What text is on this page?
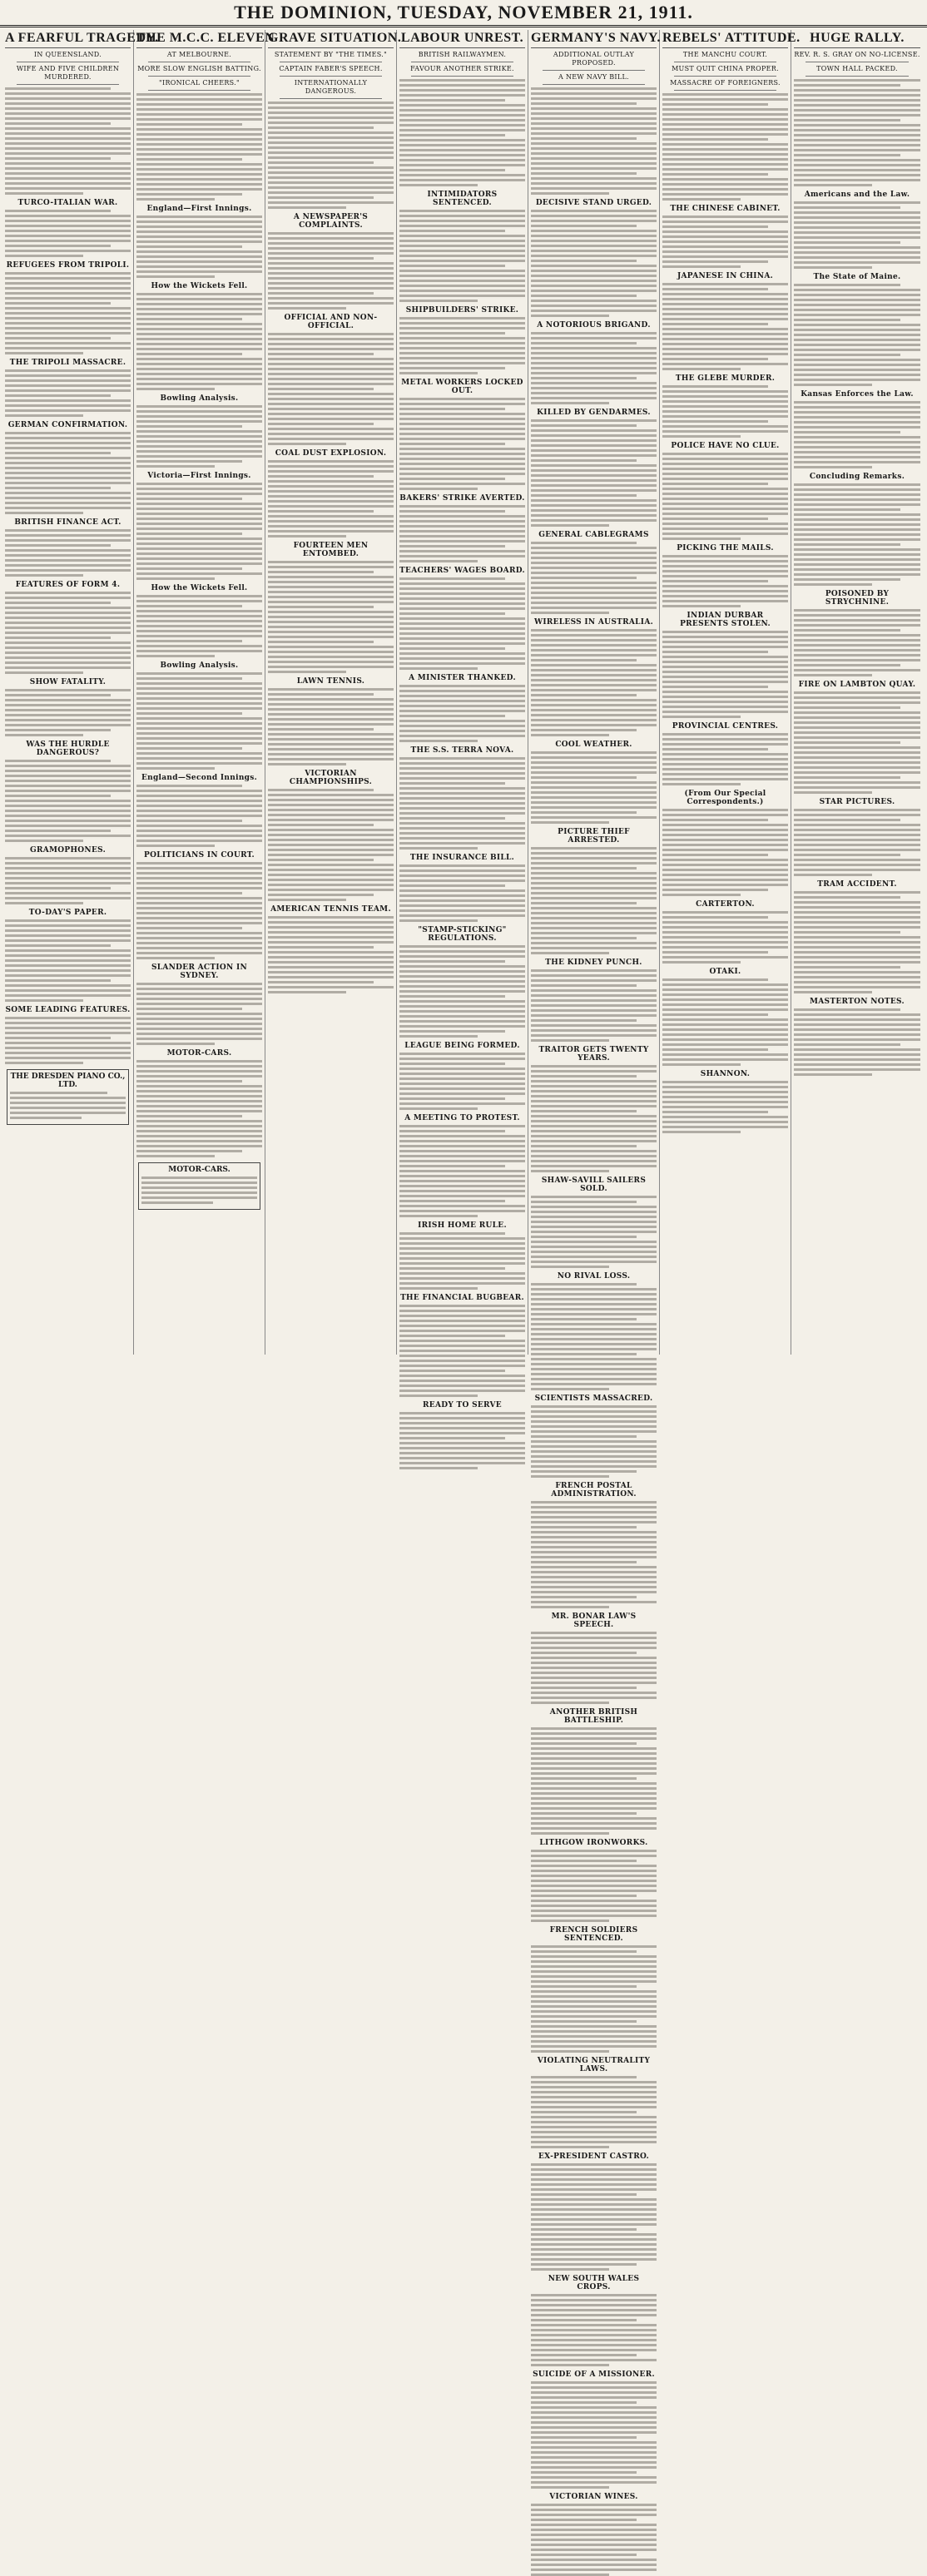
THE DOMINION, TUESDAY, NOVEMBER 21, 1911.
A FEARFUL TRAGEDY.
IN QUEENSLAND.
WIFE AND FIVE CHILDREN MURDERED.
TURCO-ITALIAN WAR.
REFUGEES FROM TRIPOLI.
THE TRIPOLI MASSACRE.
GERMAN CONFIRMATION.
BRITISH FINANCE ACT.
FEATURES OF FORM 4.
SHOW FATALITY.
WAS THE HURDLE DANGEROUS?
GRAMOPHONES.
TO-DAY'S PAPER.
SOME LEADING FEATURES.
THE DRESDEN PIANO CO., LTD.
THE M.C.C. ELEVEN
AT MELBOURNE.
MORE SLOW ENGLISH BATTING.
"IRONICAL CHEERS."
England—First Innings.
How the Wickets Fell.
Bowling Analysis.
Victoria—First Innings.
How the Wickets Fell.
Bowling Analysis.
England—Second Innings.
POLITICIANS IN COURT.
SLANDER ACTION IN SYDNEY.
MOTOR-CARS.
MOTOR-CARS.
GRAVE SITUATION.
STATEMENT BY "THE TIMES."
CAPTAIN FABER'S SPEECH.
INTERNATIONALLY DANGEROUS.
A NEWSPAPER'S COMPLAINTS.
OFFICIAL AND NON-OFFICIAL.
COAL DUST EXPLOSION.
FOURTEEN MEN ENTOMBED.
LAWN TENNIS.
VICTORIAN CHAMPIONSHIPS.
AMERICAN TENNIS TEAM.
LABOUR UNREST.
BRITISH RAILWAYMEN.
FAVOUR ANOTHER STRIKE.
INTIMIDATORS SENTENCED.
SHIPBUILDERS' STRIKE.
METAL WORKERS LOCKED OUT.
BAKERS' STRIKE AVERTED.
TEACHERS' WAGES BOARD.
A MINISTER THANKED.
THE S.S. TERRA NOVA.
THE INSURANCE BILL.
"STAMP-STICKING" REGULATIONS.
LEAGUE BEING FORMED.
A MEETING TO PROTEST.
IRISH HOME RULE.
THE FINANCIAL BUGBEAR.
READY TO SERVE
GERMANY'S NAVY.
ADDITIONAL OUTLAY PROPOSED.
A NEW NAVY BILL.
DECISIVE STAND URGED.
A NOTORIOUS BRIGAND.
KILLED BY GENDARMES.
GENERAL CABLEGRAMS
WIRELESS IN AUSTRALIA.
COOL WEATHER.
PICTURE THIEF ARRESTED.
THE KIDNEY PUNCH.
TRAITOR GETS TWENTY YEARS.
SHAW-SAVILL SAILERS SOLD.
NO RIVAL LOSS.
SCIENTISTS MASSACRED.
FRENCH POSTAL ADMINISTRATION.
MR. BONAR LAW'S SPEECH.
ANOTHER BRITISH BATTLESHIP.
LITHGOW IRONWORKS.
FRENCH SOLDIERS SENTENCED.
VIOLATING NEUTRALITY LAWS.
EX-PRESIDENT CASTRO.
NEW SOUTH WALES CROPS.
SUICIDE OF A MISSIONER.
VICTORIAN WINES.
REBELS' ATTITUDE.
THE MANCHU COURT.
MUST QUIT CHINA PROPER.
MASSACRE OF FOREIGNERS.
THE CHINESE CABINET.
JAPANESE IN CHINA.
THE GLEBE MURDER.
POLICE HAVE NO CLUE.
PICKING THE MAILS.
INDIAN DURBAR PRESENTS STOLEN.
PROVINCIAL CENTRES.
(From Our Special Correspondents.)
CARTERTON.
OTAKI.
SHANNON.
HUGE RALLY.
REV. R. S. GRAY ON NO-LICENSE.
TOWN HALL PACKED.
Americans and the Law.
The State of Maine.
Kansas Enforces the Law.
Concluding Remarks.
POISONED BY STRYCHNINE.
FIRE ON LAMBTON QUAY.
STAR PICTURES.
TRAM ACCIDENT.
MASTERTON NOTES.
